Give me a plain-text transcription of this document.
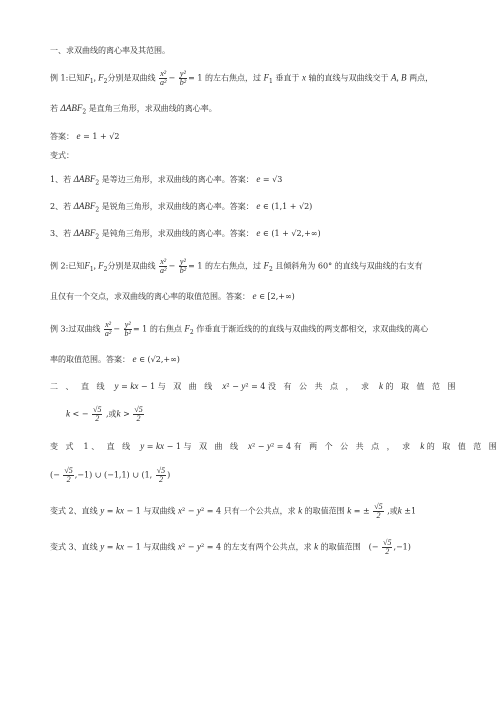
一、求双曲线的离心率及其范围。
例 1:已知$F_1$, $F_2$分别是双曲线 $\frac{\text{x²}}{\text{a²}} - \frac{\text{y²}}{\text{b²}} = 1$ 的左右焦点，过 $F_1$ 垂直于 x 轴的直线与双曲线交于 A, B 两点，
若 $\Delta ABF_2$ 是直角三角形，求双曲线的离心率。
答案： e = 1 + √2
变式：
1、若 $\Delta ABF_2$ 是等边三角形，求双曲线的离心率。答案： e = √3
2、若 $\Delta ABF_2$ 是锐角三角形，求双曲线的离心率。答案： e ∈ (1,1 + √2)
3、若 $\Delta ABF_2$ 是钝角三角形，求双曲线的离心率。答案： e ∈ (1 + √2,+∞)
例 2:已知$F_1$, $F_2$分别是双曲线 $\frac{\text{x²}}{\text{a²}} - \frac{\text{y²}}{\text{b²}} = 1$ 的左右焦点，过 $F_2$ 且倾斜角为 60° 的直线与双曲线的右支有
且仅有一个交点，求双曲线的离心率的取值范围。答案： e ∈ [2,+∞)
例 3:过双曲线 $\frac{\text{x²}}{\text{a²}} - \frac{\text{y²}}{\text{b²}} = 1$ 的右焦点 $F_2$ 作垂直于渐近线的的直线与双曲线的两支都相交，求双曲线的离心
率的取值范围。答案： e ∈ (√2,+∞)
二、直线 y = kx − 1 与双曲线 x² − y² = 4 没有公共点，求 k 的取值范围
k < − $\frac{√5}{2}$ ,或$k > \frac{√5}{2}$
变式 1 、直线 y = kx − 1 与双曲线 x² − y² = 4 有两个公共点，求 k 的取值范围
(− $\frac{√5}{2} ,-1$) ∪ (−1,1) ∪ (1, $\frac{√5}{2}$ )
变式 2、直线 y = kx − 1 与双曲线 x² − y² = 4 只有一个公共点，求 k 的取值范围 k = ± $\frac{√5}{2}$ ,或k ±1
变式 3、直线 y = kx − 1 与双曲线 x² − y² = 4 的左支有两个公共点，求 k 的取值范围　(− $\frac{√5}{2} ,-1$)
